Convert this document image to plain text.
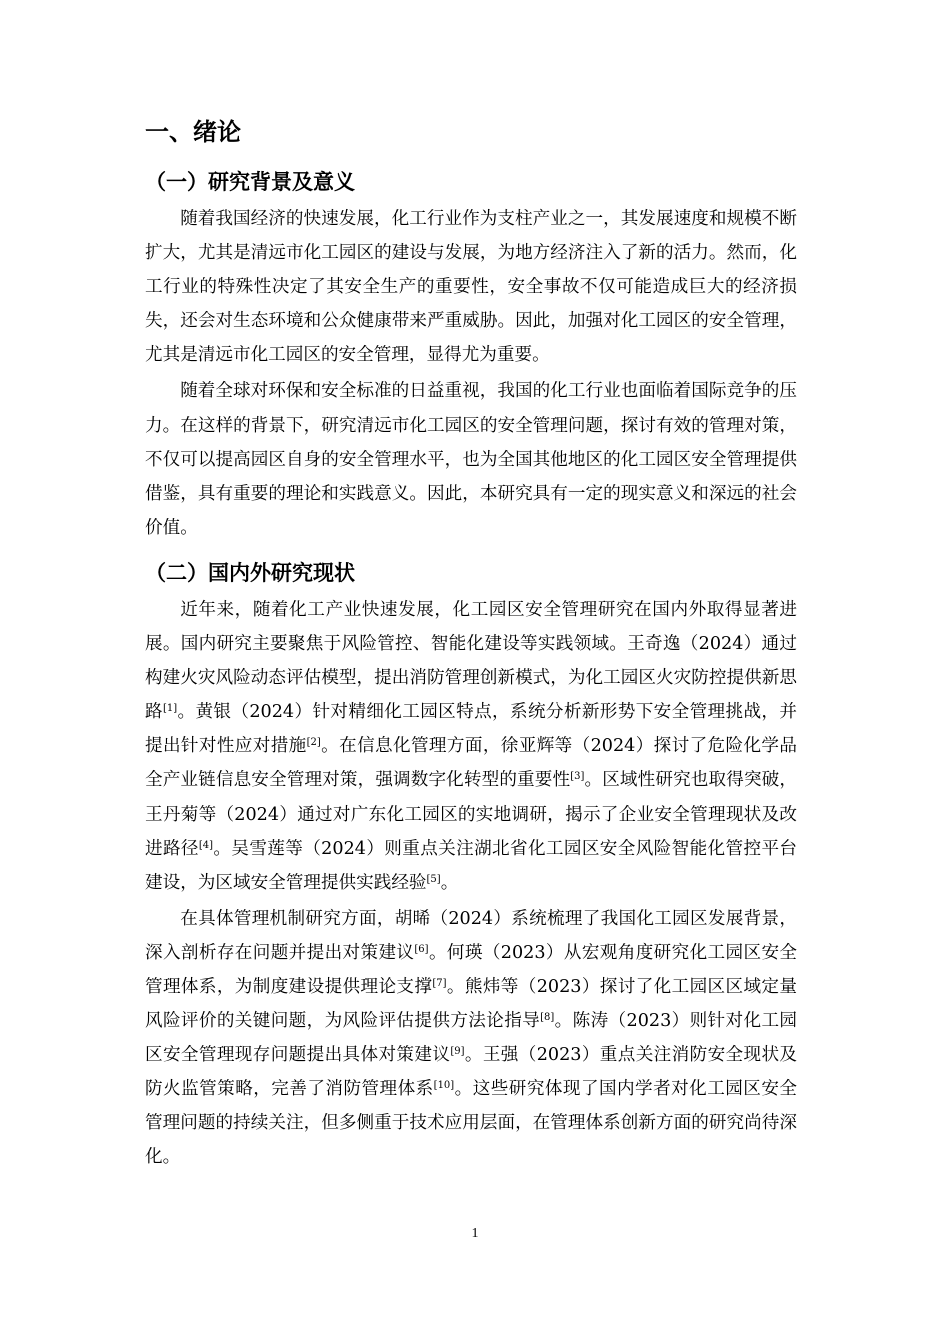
一、绪论
（一）研究背景及意义

随着我国经济的快速发展，化工行业作为支柱产业之一，其发展速度和规模不断扩大，尤其是清远市化工园区的建设与发展，为地方经济注入了新的活力。然而，化工行业的特殊性决定了其安全生产的重要性，安全事故不仅可能造成巨大的经济损失，还会对生态环境和公众健康带来严重威胁。因此，加强对化工园区的安全管理，尤其是清远市化工园区的安全管理，显得尤为重要。

随着全球对环保和安全标准的日益重视，我国的化工行业也面临着国际竞争的压力。在这样的背景下，研究清远市化工园区的安全管理问题，探讨有效的管理对策，不仅可以提高园区自身的安全管理水平，也为全国其他地区的化工园区安全管理提供借鉴，具有重要的理论和实践意义。因此，本研究具有一定的现实意义和深远的社会价值。

（二）国内外研究现状

近年来，随着化工产业快速发展，化工园区安全管理研究在国内外取得显著进展。国内研究主要聚焦于风险管控、智能化建设等实践领域。王奇逸（2024）通过构建火灾风险动态评估模型，提出消防管理创新模式，为化工园区火灾防控提供新思路[1]。黄银（2024）针对精细化工园区特点，系统分析新形势下安全管理挑战，并提出针对性应对措施[2]。在信息化管理方面，徐亚辉等（2024）探讨了危险化学品全产业链信息安全管理对策，强调数字化转型的重要性[3]。区域性研究也取得突破，王丹菊等（2024）通过对广东化工园区的实地调研，揭示了企业安全管理现状及改进路径[4]。吴雪莲等（2024）则重点关注湖北省化工园区安全风险智能化管控平台建设，为区域安全管理提供实践经验[5]。

在具体管理机制研究方面，胡晞（2024）系统梳理了我国化工园区发展背景，深入剖析存在问题并提出对策建议[6]。何瑛（2023）从宏观角度研究化工园区安全管理体系，为制度建设提供理论支撑[7]。熊炜等（2023）探讨了化工园区区域定量风险评价的关键问题，为风险评估提供方法论指导[8]。陈涛（2023）则针对化工园区安全管理现存问题提出具体对策建议[9]。王强（2023）重点关注消防安全现状及防火监管策略，完善了消防管理体系[10]。这些研究体现了国内学者对化工园区安全管理问题的持续关注，但多侧重于技术应用层面，在管理体系创新方面的研究尚待深化。

1
